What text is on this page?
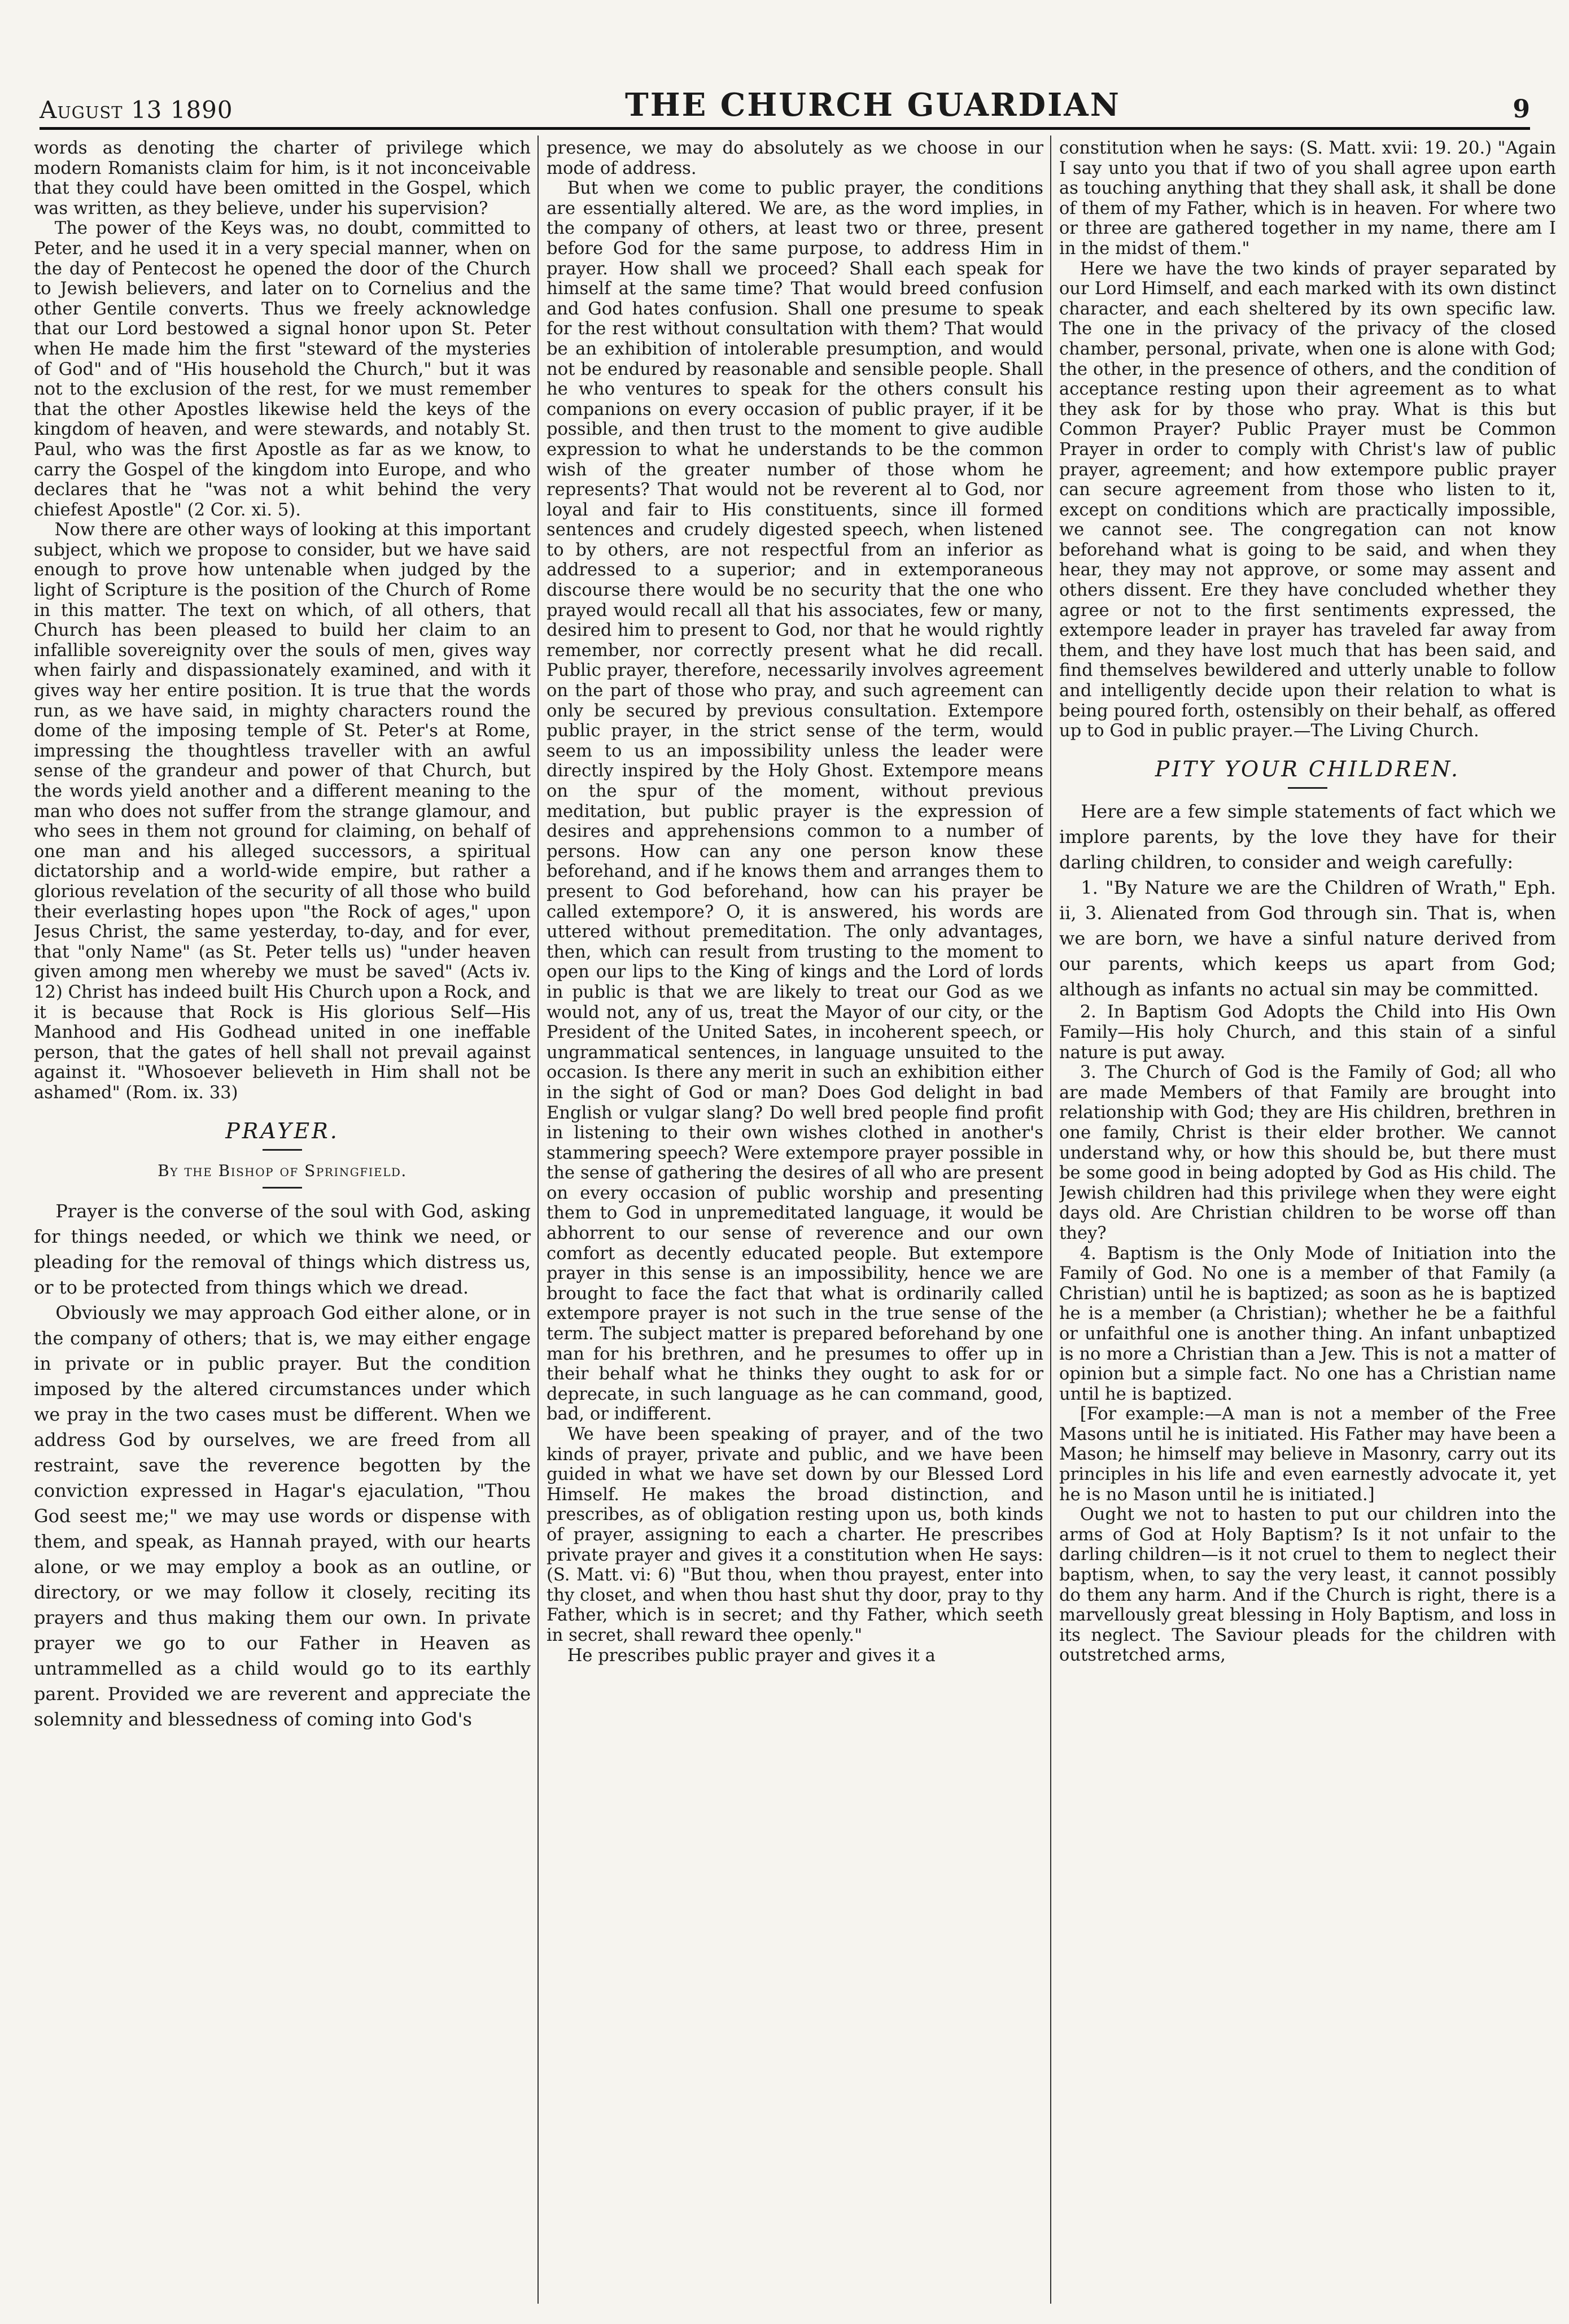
August 13 1890	THE CHURCH GUARDIAN	9

words as denoting the charter of privilege which modern Romanists claim for him, is it not inconceivable that they could have been omitted in the Gospel, which was written, as they believe, under his supervision?

The power of the Keys was, no doubt, committed to Peter, and he used it in a very special manner, when on the day of Pentecost he opened the door of the Church to Jewish believers, and later on to Cornelius and the other Gentile converts. Thus we freely acknowledge that our Lord bestowed a signal honor upon St. Peter when He made him the first "steward of the mysteries of God" and of "His household the Church," but it was not to the exclusion of the rest, for we must remember that the other Apostles likewise held the keys of the kingdom of heaven, and were stewards, and notably St. Paul, who was the first Apostle as far as we know, to carry the Gospel of the kingdom into Europe, and who declares that he "was not a whit behind the very chiefest Apostle" (2 Cor. xi. 5).

Now there are other ways of looking at this important subject, which we propose to consider, but we have said enough to prove how untenable when judged by the light of Scripture is the position of the Church of Rome in this matter. The text on which, of all others, that Church has been pleased to build her claim to an infallible sovereignity over the souls of men, gives way when fairly and dispassionately examined, and with it gives way her entire position. It is true that the words run, as we have said, in mighty characters round the dome of the imposing temple of St. Peter's at Rome, impressing the thoughtless traveller with an awful sense of the grandeur and power of that Church, but the words yield another and a different meaning to the man who does not suffer from the strange glamour, and who sees in them not ground for claiming, on behalf of one man and his alleged successors, a spiritual dictatorship and a world-wide empire, but rather a glorious revelation of the security of all those who build their everlasting hopes upon "the Rock of ages," upon Jesus Christ, the same yesterday, to-day, and for ever, that "only Name" (as St. Peter tells us) "under heaven given among men whereby we must be saved" (Acts iv. 12) Christ has indeed built His Church upon a Rock, and it is because that Rock is His glorious Self—His Manhood and His Godhead united in one ineffable person, that the gates of hell shall not prevail against against it. "Whosoever believeth in Him shall not be ashamed" (Rom. ix. 33)

PRAYER.
By the Bishop of Springfield.

Prayer is the converse of the soul with God, asking for things needed, or which we think we need, or pleading for the removal of things which distress us, or to be protected from things which we dread.

Obviously we may approach God either alone, or in the company of others; that is, we may either engage in private or in public prayer. But the condition imposed by the altered circumstances under which we pray in the two cases must be different. When we address God by ourselves, we are freed from all restraint, save the reverence begotten by the conviction expressed in Hagar's ejaculation, "Thou God seest me;" we may use words or dispense with them, and speak, as Hannah prayed, with our hearts alone, or we may employ a book as an outline, or directory, or we may follow it closely, reciting its prayers and thus making them our own. In private prayer we go to our Father in Heaven as untrammelled as a child would go to its earthly parent. Provided we are reverent and appreciate the solemnity and blessedness of coming into God's

presence, we may do absolutely as we choose in our mode of address.

But when we come to public prayer, the conditions are essentially altered. We are, as the word implies, in the company of others, at least two or three, present before God for the same purpose, to address Him in prayer. How shall we proceed? Shall each speak for himself at the same time? That would breed confusion and God hates confusion. Shall one presume to speak for the rest without consultation with them? That would be an exhibition of intolerable presumption, and would not be endured by reasonable and sensible people. Shall he who ventures to speak for the others consult his companions on every occasion of public prayer, if it be possible, and then trust to the moment to give audible expression to what he understands to be the common wish of the greater number of those whom he represents? That would not be reverent al to God, nor loyal and fair to His constituents, since ill formed sentences and crudely digested speech, when listened to by others, are not respectful from an inferior as addressed to a superior; and in extemporaneous discourse there would be no security that the one who prayed would recall all that his associates, few or many, desired him to present to God, nor that he would rightly remember, nor correctly present what he did recall. Public prayer, therefore, necessarily involves agreement on the part of those who pray, and such agreement can only be secured by previous consultation. Extempore public prayer, in the strict sense of the term, would seem to us an impossibility unless the leader were directly inspired by the Holy Ghost. Extempore means on the spur of the moment, without previous meditation, but public prayer is the expression of desires and apprehensions common to a number of persons. How can any one person know these beforehand, and if he knows them and arranges them to present to God beforehand, how can his prayer be called extempore? O, it is answered, his words are uttered without premeditation. The only advantages, then, which can result from trusting to the moment to open our lips to the King of kings and the Lord of lords in public is that we are likely to treat our God as we would not, any of us, treat the Mayor of our city, or the President of the United Sates, in incoherent speech, or ungrammatical sentences, in language unsuited to the occasion. Is there any merit in such an exhibition either in the sight of God or man? Does God delight in bad English or vulgar slang? Do well bred people find profit in listening to their own wishes clothed in another's stammering speech? Were extempore prayer possible in the sense of gathering the desires of all who are present on every occasion of public worship and presenting them to God in unpremeditated language, it would be abhorrent to our sense of reverence and our own comfort as decently educated people. But extempore prayer in this sense is an impossibility, hence we are brought to face the fact that what is ordinarily called extempore prayer is not such in the true sense of the term. The subject matter is prepared beforehand by one man for his brethren, and he presumes to offer up in their behalf what he thinks they ought to ask for or deprecate, in such language as he can command, good, bad, or indifferent.

We have been speaking of prayer, and of the two kinds of prayer, private and public, and we have been guided in what we have set down by our Blessed Lord Himself. He makes the broad distinction, and prescribes, as of obligation resting upon us, both kinds of prayer, assigning to each a charter. He prescribes private prayer and gives it a constitution when He says: (S. Matt. vi: 6) "But thou, when thou prayest, enter into thy closet, and when thou hast shut thy door, pray to thy Father, which is in secret; and thy Father, which seeth in secret, shall reward thee openly."

He prescribes public prayer and gives it a

constitution when he says: (S. Matt. xvii: 19. 20.) "Again I say unto you that if two of you shall agree upon earth as touching anything that they shall ask, it shall be done of them of my Father, which is in heaven. For where two or three are gathered together in my name, there am I in the midst of them."

Here we have the two kinds of prayer separated by our Lord Himself, and each marked with its own distinct character, and each sheltered by its own specific law. The one in the privacy of the privacy of the closed chamber, personal, private, when one is alone with God; the other, in the presence of others, and the condition of acceptance resting upon their agreement as to what they ask for by those who pray. What is this but Common Prayer? Public Prayer must be Common Prayer in order to comply with Christ's law of public prayer, agreement; and how extempore public prayer can secure agreement from those who listen to it, except on conditions which are practically impossible, we cannot see. The congregation can not know beforehand what is going to be said, and when they hear, they may not approve, or some may assent and others dissent. Ere they have concluded whether they agree or not to the first sentiments expressed, the extempore leader in prayer has traveled far away from them, and they have lost much that has been said, and find themselves bewildered and utterly unable to follow and intelligently decide upon their relation to what is being poured forth, ostensibly on their behalf, as offered up to God in public prayer.—The Living Church.

PITY YOUR CHILDREN.

Here are a few simple statements of fact which we implore parents, by the love they have for their darling children, to consider and weigh carefully:

1. "By Nature we are the Children of Wrath," Eph. ii, 3. Alienated from God through sin. That is, when we are born, we have a sinful nature derived from our parents, which keeps us apart from God; although as infants no actual sin may be committed.

2. In Baptism God Adopts the Child into His Own Family—His holy Church, and this stain of a sinful nature is put away.

3. The Church of God is the Family of God; all who are made Members of that Family are brought into relationship with God; they are His children, brethren in one family, Christ is their elder brother. We cannot understand why, or how this should be, but there must be some good in being adopted by God as His child. The Jewish children had this privilege when they were eight days old. Are Christian children to be worse off than they?

4. Baptism is the Only Mode of Initiation into the Family of God. No one is a member of that Family (a Christian) until he is baptized; as soon as he is baptized he is a member (a Christian); whether he be a faithful or unfaithful one is another thing. An infant unbaptized is no more a Christian than a Jew. This is not a matter of opinion but a simple fact. No one has a Christian name until he is baptized.

[For example:—A man is not a member of the Free Masons until he is initiated. His Father may have been a Mason; he himself may believe in Masonry, carry out its principles in his life and even earnestly advocate it, yet he is no Mason until he is initiated.]

Ought we not to hasten to put our children into the arms of God at Holy Baptism? Is it not unfair to the darling children—is it not cruel to them to neglect their baptism, when, to say the very least, it cannot possibly do them any harm. And if the Church is right, there is a marvellously great blessing in Holy Baptism, and loss in its neglect. The Saviour pleads for the children with outstretched arms,
